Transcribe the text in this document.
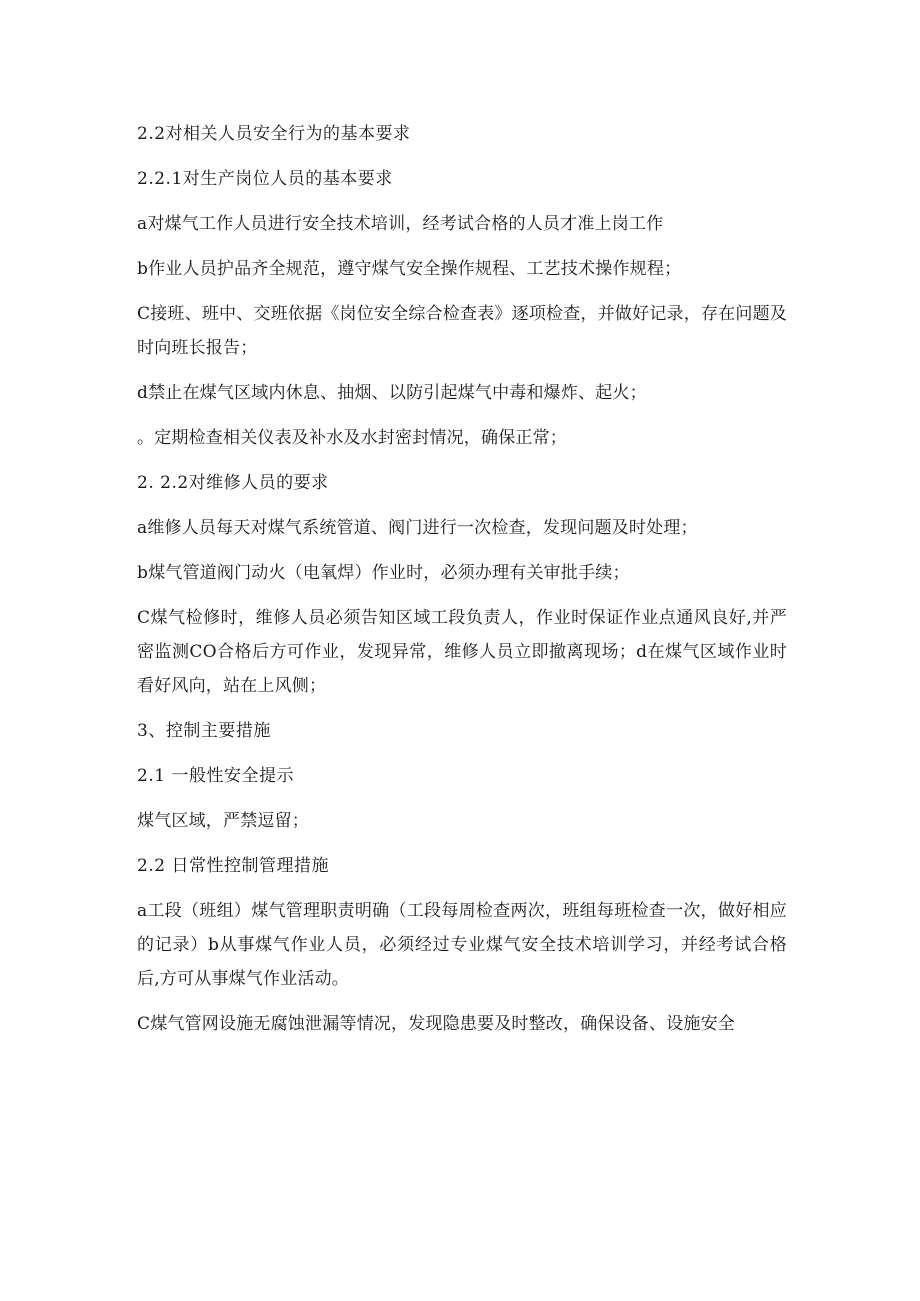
2.2对相关人员安全行为的基本要求

2.2.1对生产岗位人员的基本要求

a对煤气工作人员进行安全技术培训，经考试合格的人员才准上岗工作

b作业人员护品齐全规范，遵守煤气安全操作规程、工艺技术操作规程；

C接班、班中、交班依据《岗位安全综合检查表》逐项检查，并做好记录，存在问题及时向班长报告；

d禁止在煤气区域内休息、抽烟、以防引起煤气中毒和爆炸、起火；

。定期检查相关仪表及补水及水封密封情况，确保正常；

2. 2.2对维修人员的要求

a维修人员每天对煤气系统管道、阀门进行一次检查，发现问题及时处理；

b煤气管道阀门动火（电氧焊）作业时，必须办理有关审批手续；

C煤气检修时，维修人员必须告知区域工段负责人，作业时保证作业点通风良好,并严密监测CO合格后方可作业，发现异常，维修人员立即撤离现场；d在煤气区域作业时看好风向，站在上风侧；

3、控制主要措施

2.1 一般性安全提示

煤气区域，严禁逗留；

2.2 日常性控制管理措施

a工段（班组）煤气管理职责明确（工段每周检查两次，班组每班检查一次，做好相应的记录）b从事煤气作业人员，必须经过专业煤气安全技术培训学习，并经考试合格后,方可从事煤气作业活动。

C煤气管网设施无腐蚀泄漏等情况，发现隐患要及时整改，确保设备、设施安全
